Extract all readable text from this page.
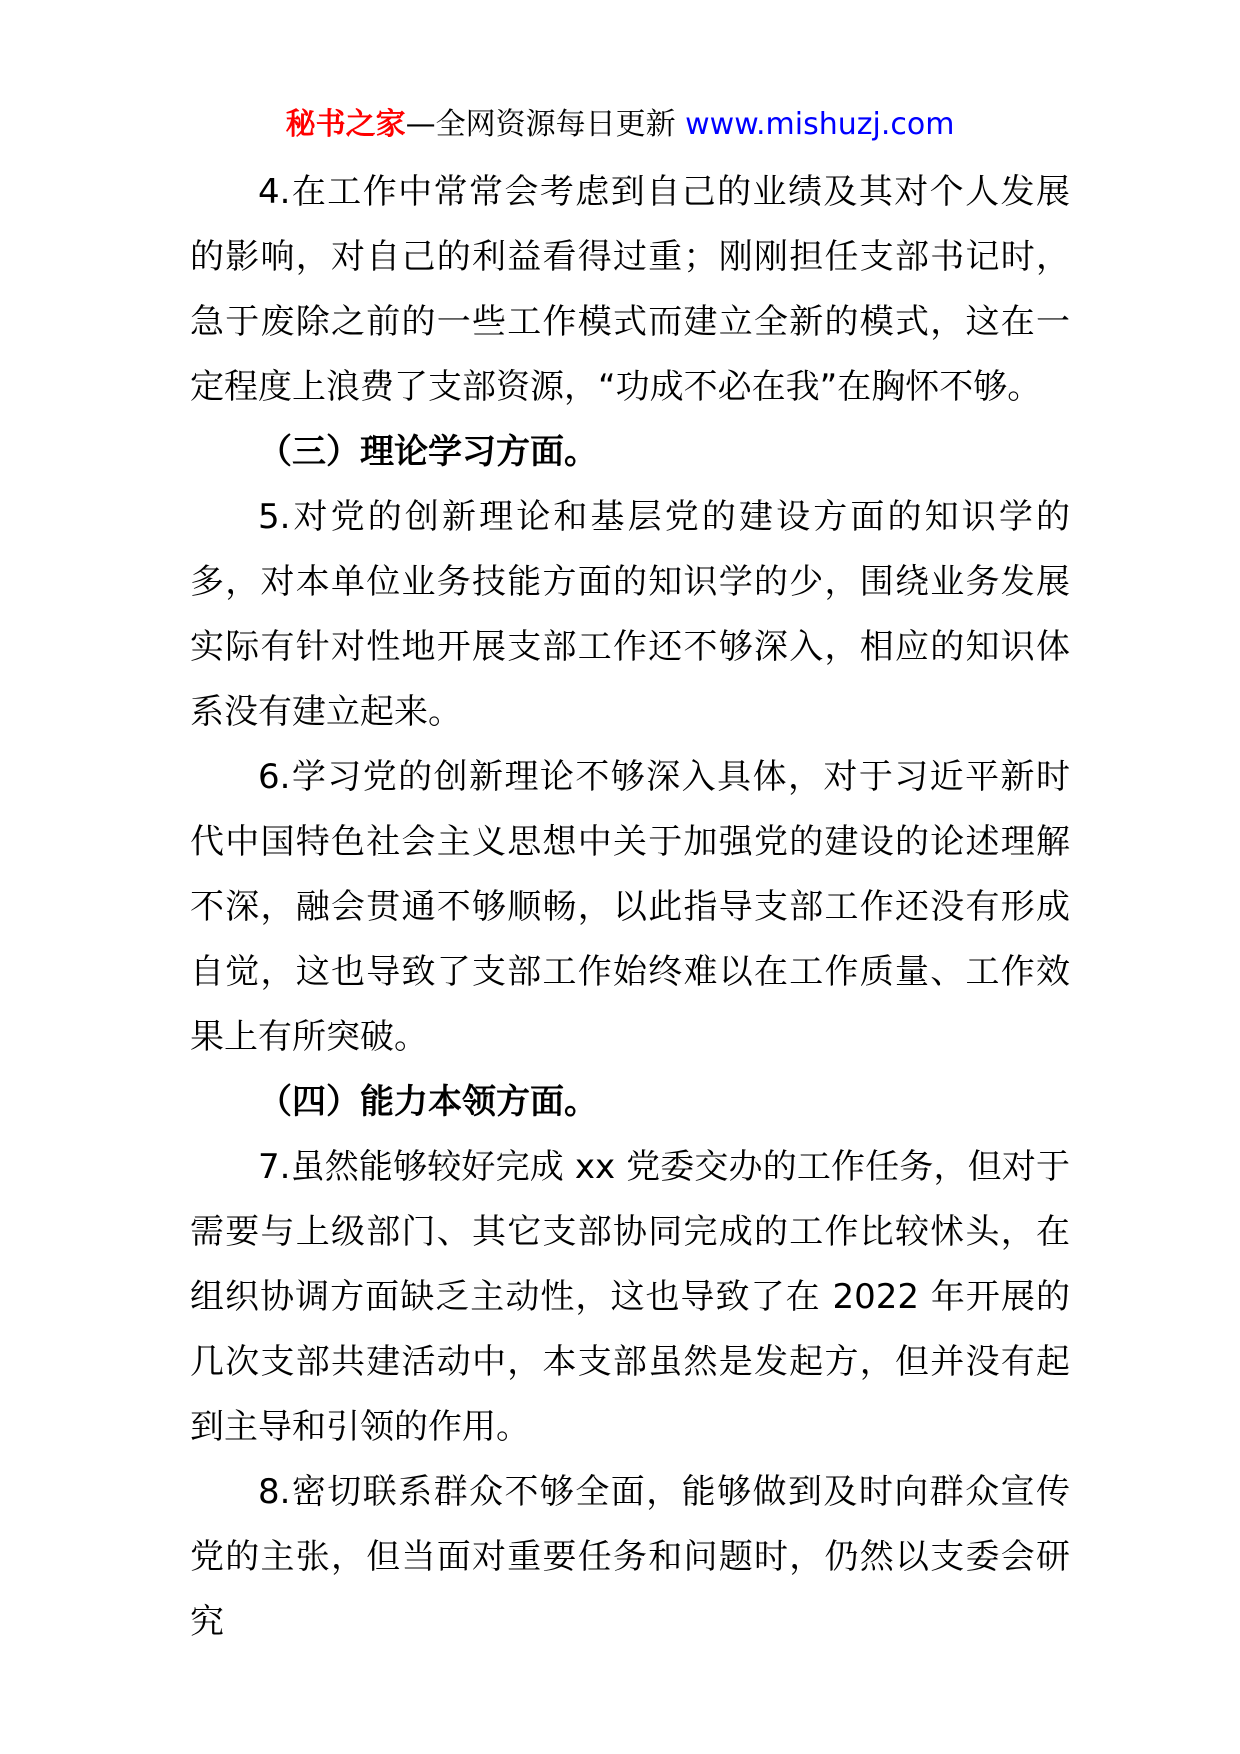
秘书之家—全网资源每日更新 www.mishuzj.com

4.在工作中常常会考虑到自己的业绩及其对个人发展的影响，对自己的利益看得过重；刚刚担任支部书记时，急于废除之前的一些工作模式而建立全新的模式，这在一定程度上浪费了支部资源，“功成不必在我”在胸怀不够。

（三）理论学习方面。

5.对党的创新理论和基层党的建设方面的知识学的多，对本单位业务技能方面的知识学的少，围绕业务发展实际有针对性地开展支部工作还不够深入，相应的知识体系没有建立起来。

6.学习党的创新理论不够深入具体，对于习近平新时代中国特色社会主义思想中关于加强党的建设的论述理解不深，融会贯通不够顺畅，以此指导支部工作还没有形成自觉，这也导致了支部工作始终难以在工作质量、工作效果上有所突破。

（四）能力本领方面。

7.虽然能够较好完成 xx 党委交办的工作任务，但对于需要与上级部门、其它支部协同完成的工作比较怵头，在组织协调方面缺乏主动性，这也导致了在 2022 年开展的几次支部共建活动中，本支部虽然是发起方，但并没有起到主导和引领的作用。

8.密切联系群众不够全面，能够做到及时向群众宣传党的主张，但当面对重要任务和问题时，仍然以支委会研究
